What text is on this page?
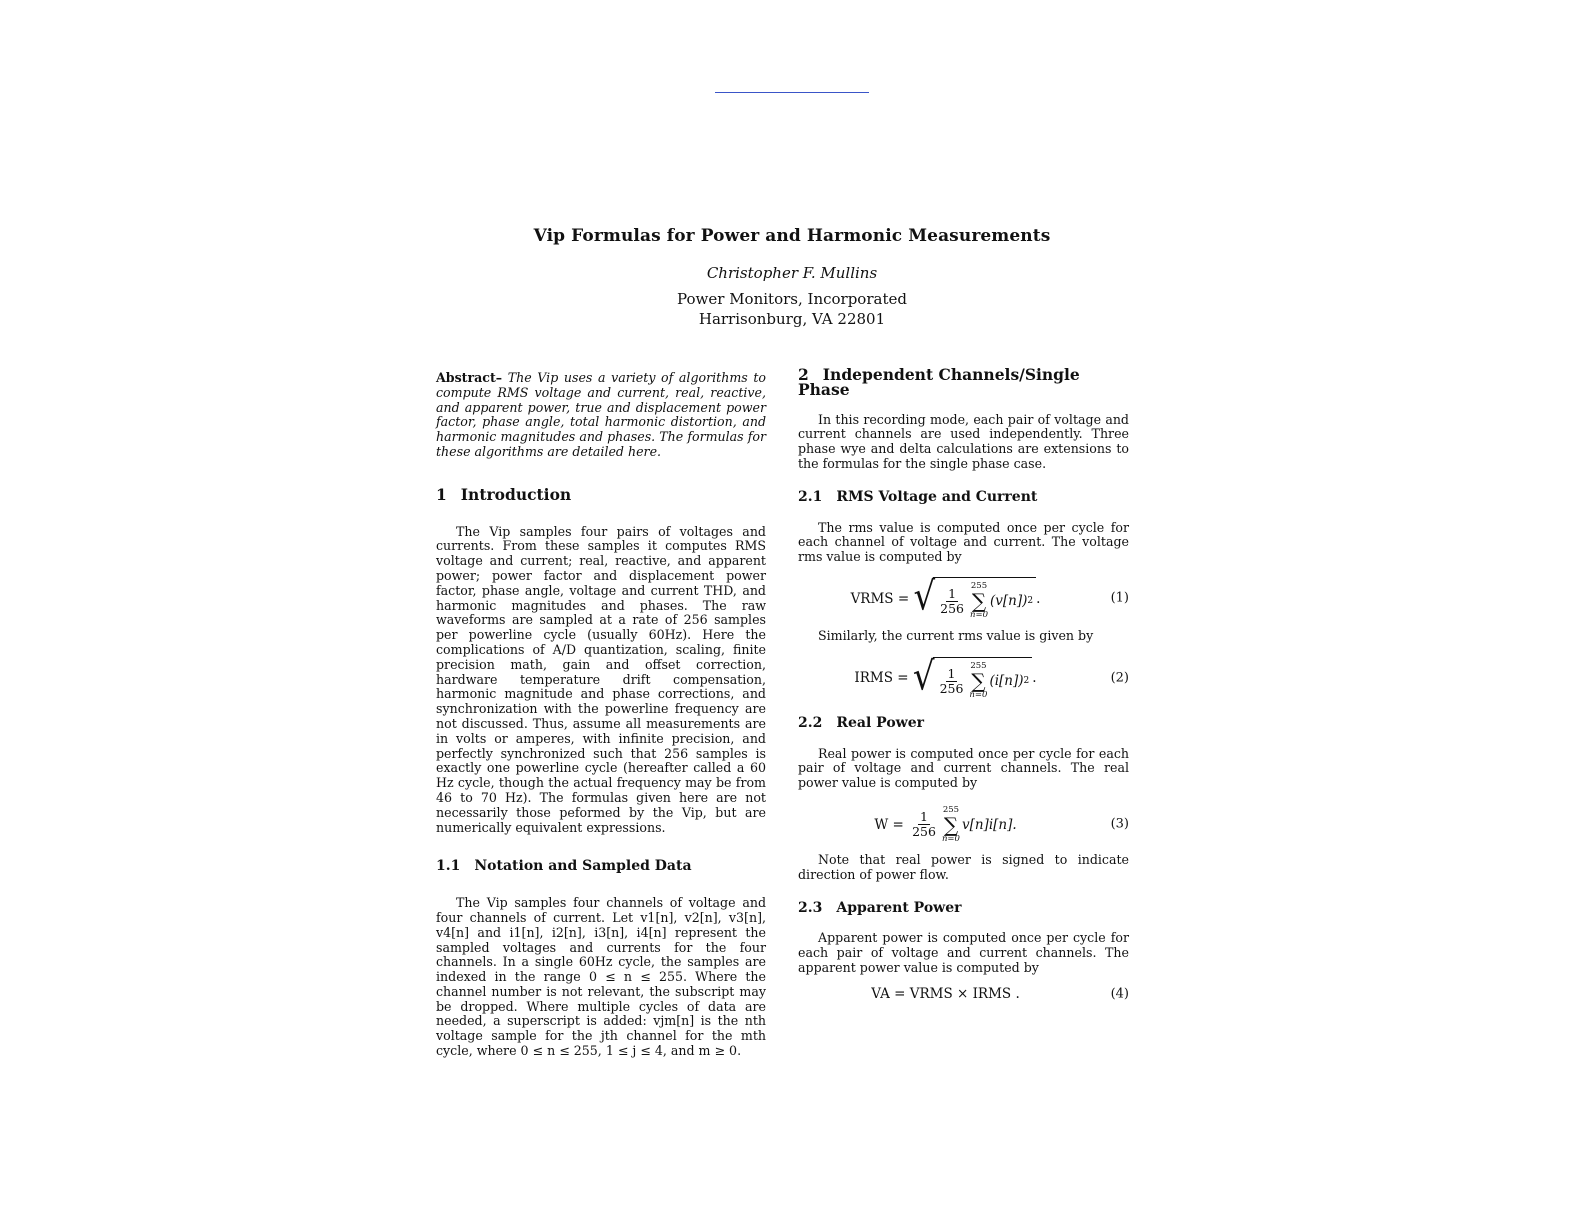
Vip Formulas for Power and Harmonic Measurements
Christopher F. Mullins
Power Monitors, Incorporated
Harrisonburg, VA 22801

Abstract– The Vip uses a variety of algorithms to compute RMS voltage and current, real, reactive, and apparent power, true and displacement power factor, phase angle, total harmonic distortion, and harmonic magnitudes and phases. The formulas for these algorithms are detailed here.

1 Introduction

The Vip samples four pairs of voltages and currents. From these samples it computes RMS voltage and current; real, reactive, and apparent power; power factor and displacement power factor, phase angle, voltage and current THD, and harmonic magnitudes and phases. The raw waveforms are sampled at a rate of 256 samples per powerline cycle (usually 60Hz). Here the complications of A/D quantization, scaling, finite precision math, gain and offset correction, hardware temperature drift compensation, harmonic magnitude and phase corrections, and synchronization with the powerline frequency are not discussed. Thus, assume all measurements are in volts or amperes, with infinite precision, and perfectly synchronized such that 256 samples is exactly one powerline cycle (hereafter called a 60 Hz cycle, though the actual frequency may be from 46 to 70 Hz). The formulas given here are not necessarily those peformed by the Vip, but are numerically equivalent expressions.

1.1 Notation and Sampled Data

The Vip samples four channels of voltage and four channels of current. Let v1[n], v2[n], v3[n], v4[n] and i1[n], i2[n], i3[n], i4[n] represent the sampled voltages and currents for the four channels. In a single 60Hz cycle, the samples are indexed in the range 0 ≤ n ≤ 255. Where the channel number is not relevant, the subscript may be dropped. Where multiple cycles of data are needed, a superscript is added: vjm[n] is the nth voltage sample for the jth channel for the mth cycle, where 0 ≤ n ≤ 255, 1 ≤ j ≤ 4, and m ≥ 0.

2 Independent Channels/Single Phase

In this recording mode, each pair of voltage and current channels are used independently. Three phase wye and delta calculations are extensions to the formulas for the single phase case.

2.1 RMS Voltage and Current

The rms value is computed once per cycle for each channel of voltage and current. The voltage rms value is computed by

VRMS =
√ $\frac{1}{256}$
255
∑
n=0
(v[n]) 2 .	(1)

Similarly, the current rms value is given by

IRMS =
√ $\frac{1}{256}$
255
∑
n=0
(i[n]) 2 .	(2)
2.2 Real Power

Real power is computed once per cycle for each pair of voltage and current channels. The real power value is computed by

W =
$\frac{1}{256}$
255
∑
n=0
v[n]i[n].	(3)

Note that real power is signed to indicate direction of power flow.

2.3 Apparent Power

Apparent power is computed once per cycle for each pair of voltage and current channels. The apparent power value is computed by

VA = VRMS × IRMS .	(4)
